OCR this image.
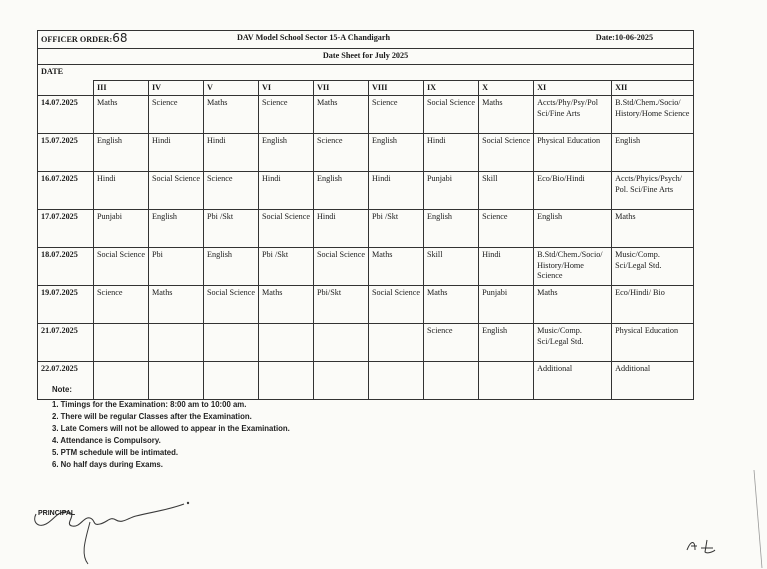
OFFICER ORDER:68		DAV Model School Sector 15-A Chandigarh						Date:10-06-2025		
Date Sheet for July 2025										
DATE										
	III	IV	V	VI	VII	VIII	IX	X	XI	XII
14.07.2025	Maths	Science	Maths	Science	Maths	Science	Social Science	Maths	Accts/Phy/Psy/Pol Sci/Fine Arts	B.Std/Chem./Socio/ History/Home Science
15.07.2025	English	Hindi	Hindi	English	Science	English	Hindi	Social Science	Physical Education	English
16.07.2025	Hindi	Social Science	Science	Hindi	English	Hindi	Punjabi	Skill	Eco/Bio/Hindi	Accts/Phyics/Psych/ Pol. Sci/Fine Arts
17.07.2025	Punjabi	English	Pbi /Skt	Social Science	Hindi	Pbi /Skt	English	Science	English	Maths
18.07.2025	Social Science	Pbi	English	Pbi /Skt	Social Science	Maths	Skill	Hindi	B.Std/Chem./Socio/ History/Home Science	Music/Comp. Sci/Legal Std.
19.07.2025	Science	Maths	Social Science	Maths	Pbi/Skt	Social Science	Maths	Punjabi	Maths	Eco/Hindi/ Bio
21.07.2025							Science	English	Music/Comp. Sci/Legal Std.	Physical Education
22.07.2025									Additional	Additional
Note:
1. Timings for the Examination: 8:00 am to 10:00 am.
2. There will be regular Classes after the Examination.
3. Late Comers will not be allowed to appear in the Examination.
4. Attendance is Compulsory.
5. PTM schedule will be intimated.
6. No half days during Exams.
PRINCIPAL
